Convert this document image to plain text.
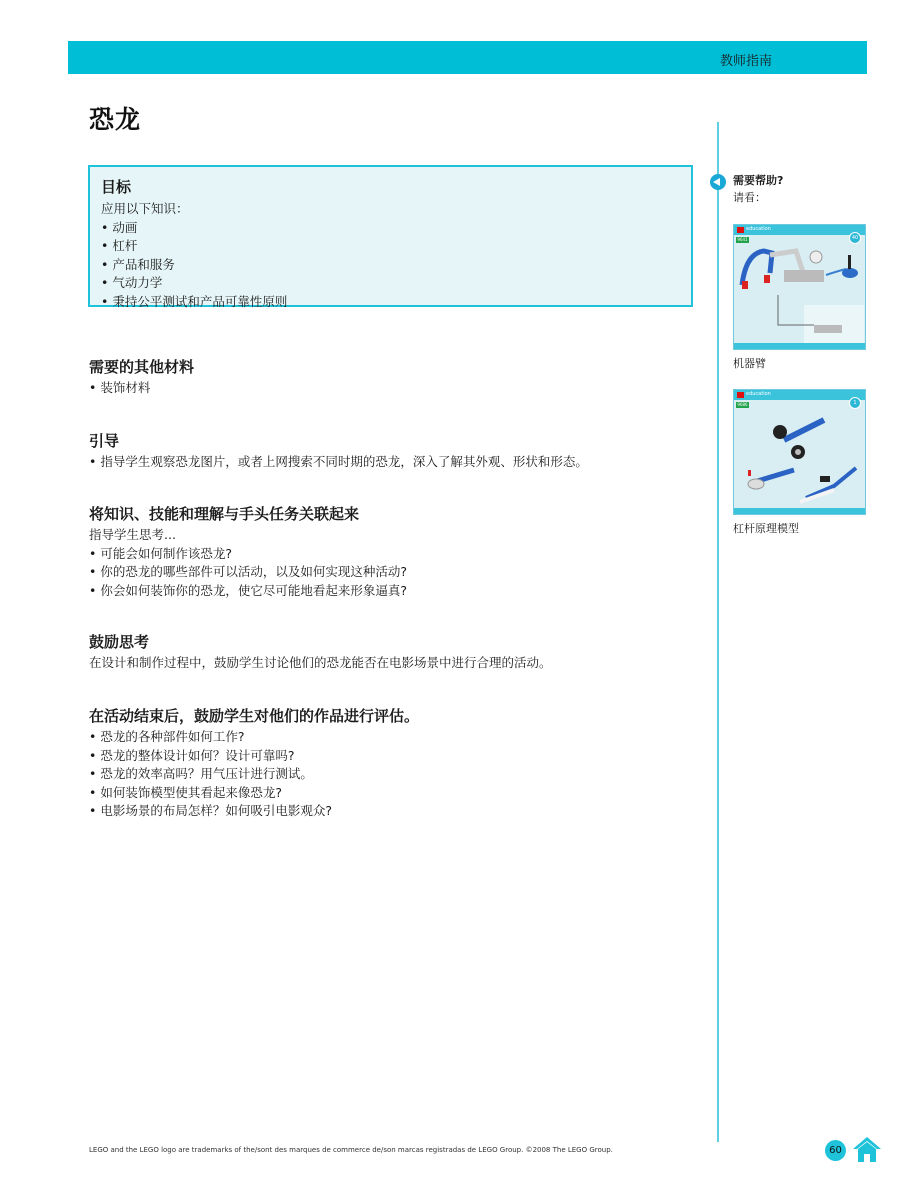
教师指南
恐龙
目标
应用以下知识：
• 动画
• 杠杆
• 产品和服务
• 气动力学
• 秉持公平测试和产品可靠性原则
需要的其他材料
• 装饰材料
引导
• 指导学生观察恐龙图片，或者上网搜索不同时期的恐龙，深入了解其外观、形状和形态。
将知识、技能和理解与手头任务关联起来
指导学生思考...
• 可能会如何制作该恐龙?
• 你的恐龙的哪些部件可以活动，以及如何实现这种活动?
• 你会如何装饰你的恐龙，使它尽可能地看起来形象逼真?
鼓励思考
在设计和制作过程中，鼓励学生讨论他们的恐龙能否在电影场景中进行合理的活动。
在活动结束后，鼓励学生对他们的作品进行评估。
• 恐龙的各种部件如何工作?
• 恐龙的整体设计如何？设计可靠吗?
• 恐龙的效率高吗？用气压计进行测试。
• 如何装饰模型使其看起来像恐龙?
• 电影场景的布局怎样？如何吸引电影观众?
需要帮助?
请看：
education
9641	40
机器臂
education
9686	1
杠杆原理模型
LEGO and the LEGO logo are trademarks of the/sont des marques de commerce de/son marcas registradas de LEGO Group. ©2008 The LEGO Group.	60
